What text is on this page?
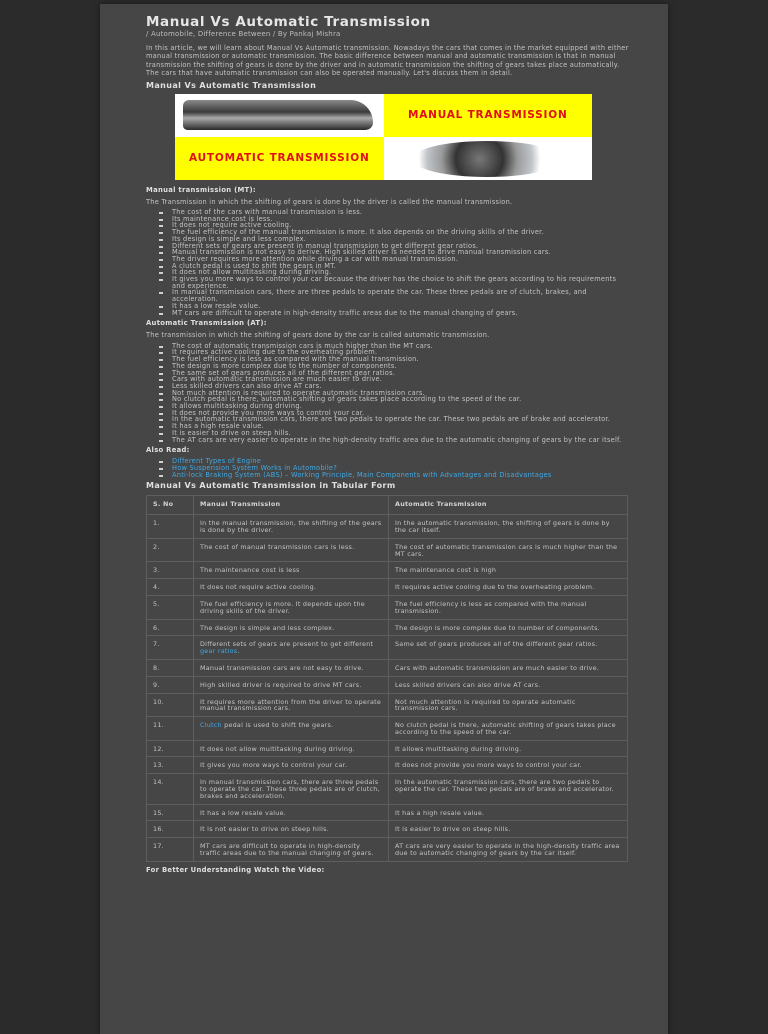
Manual Vs Automatic Transmission
/ Automobile, Difference Between / By Pankaj Mishra

In this article, we will learn about Manual Vs Automatic transmission. Nowadays the cars that comes in the market equipped with either manual transmission or automatic transmission. The basic difference between manual and automatic transmission is that in manual transmission the shifting of gears is done by the driver and in automatic transmission the shifting of gears takes place automatically. The cars that have automatic transmission can also be operated manually. Let's discuss them in detail.

Manual Vs Automatic Transmission
MANUAL TRANSMISSION
AUTOMATIC TRANSMISSION
Manual transmission (MT):

The Transmission in which the shifting of gears is done by the driver is called the manual transmission.

The cost of the cars with manual transmission is less.
Its maintenance cost is less.
It does not require active cooling.
The fuel efficiency of the manual transmission is more. It also depends on the driving skills of the driver.
Its design is simple and less complex.
Different sets of gears are present in manual transmission to get different gear ratios.
Manual transmission is not easy to derive. High skilled driver is needed to drive manual transmission cars.
The driver requires more attention while driving a car with manual transmission.
A clutch pedal is used to shift the gears in MT.
It does not allow multitasking during driving.
It gives you more ways to control your car because the driver has the choice to shift the gears according to his requirements and experience.
In manual transmission cars, there are three pedals to operate the car. These three pedals are of clutch, brakes, and acceleration.
It has a low resale value.
MT cars are difficult to operate in high-density traffic areas due to the manual changing of gears.
Automatic Transmission (AT):

The transmission in which the shifting of gears done by the car is called automatic transmission.

The cost of automatic transmission cars is much higher than the MT cars.
It requires active cooling due to the overheating problem.
The fuel efficiency is less as compared with the manual transmission.
The design is more complex due to the number of components.
The same set of gears produces all of the different gear ratios.
Cars with automatic transmission are much easier to drive.
Less skilled drivers can also drive AT cars.
Not much attention is required to operate automatic transmission cars.
No clutch pedal is there, automatic shifting of gears takes place according to the speed of the car.
It allows multitasking during driving.
It does not provide you more ways to control your car.
In the automatic transmission cars, there are two pedals to operate the car. These two pedals are of brake and accelerator.
It has a high resale value.
It is easier to drive on steep hills.
The AT cars are very easier to operate in the high-density traffic area due to the automatic changing of gears by the car itself.
Also Read:
Different Types of Engine
How Suspension System Works in Automobile?
Anti-lock Braking System (ABS) – Working Principle, Main Components with Advantages and Disadvantages
Manual Vs Automatic Transmission in Tabular Form
S. No	Manual Transmission	Automatic Transmission
1.	In the manual transmission, the shifting of the gears is done by the driver.	In the automatic transmission, the shifting of gears is done by the car itself.
2.	The cost of manual transmission cars is less.	The cost of automatic transmission cars is much higher than the MT cars.
3.	The maintenance cost is less	The maintenance cost is high
4.	It does not require active cooling.	It requires active cooling due to the overheating problem.
5.	The fuel efficiency is more. It depends upon the driving skills of the driver.	The fuel efficiency is less as compared with the manual transmission.
6.	The design is simple and less complex.	The design is more complex due to number of components.
7.	Different sets of gears are present to get different gear ratios.	Same set of gears produces all of the different gear ratios.
8.	Manual transmission cars are not easy to drive.	Cars with automatic transmission are much easier to drive.
9.	High skilled driver is required to drive MT cars.	Less skilled drivers can also drive AT cars.
10.	It requires more attention from the driver to operate manual transmission cars.	Not much attention is required to operate automatic transmission cars.
11.	Clutch pedal is used to shift the gears.	No clutch pedal is there, automatic shifting of gears takes place according to the speed of the car.
12.	It does not allow multitasking during driving.	It allows multitasking during driving.
13.	It gives you more ways to control your car.	It does not provide you more ways to control your car.
14.	In manual transmission cars, there are three pedals to operate the car. These three pedals are of clutch, brakes and acceleration.	In the automatic transmission cars, there are two pedals to operate the car. These two pedals are of brake and accelerator.
15.	It has a low resale value.	It has a high resale value.
16.	It is not easier to drive on steep hills.	It is easier to drive on steep hills.
17.	MT cars are difficult to operate in high-density traffic areas due to the manual changing of gears.	AT cars are very easier to operate in the high-density traffic area due to automatic changing of gears by the car itself.
For Better Understanding Watch the Video:
